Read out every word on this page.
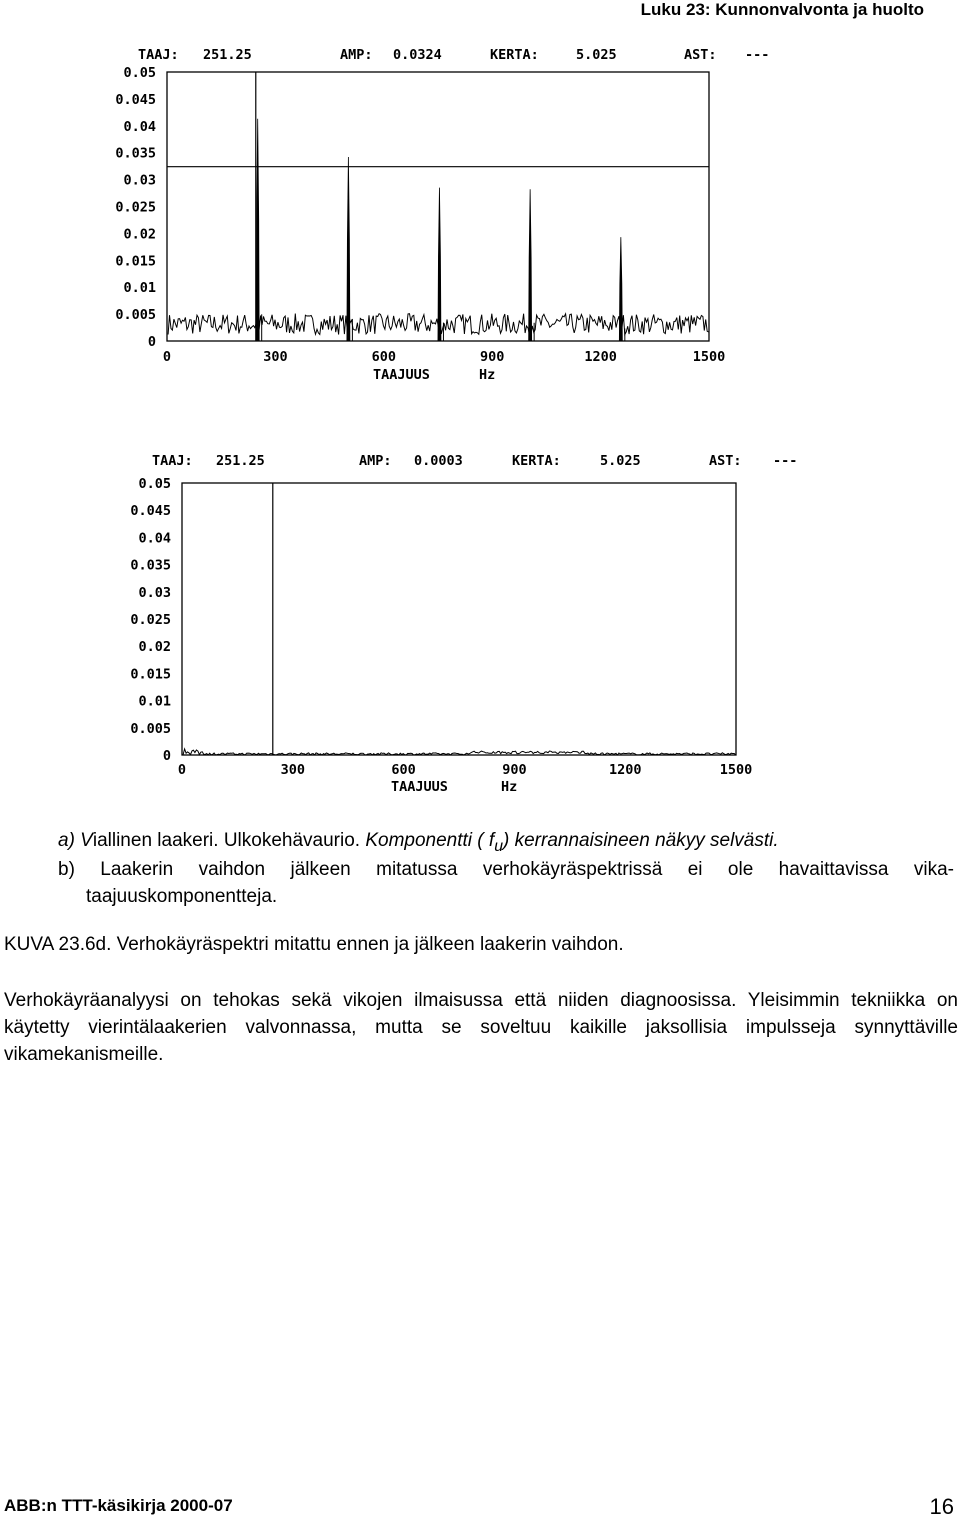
Luku 23: Kunnonvalvonta ja huolto
TAAJ: 251.25	AMP: 0.0324	KERTA:	5.025	AST: ---
0.05
0.045
0.04
0.035
0.03
0.025
0.02
0.015
0.01
0.005
0
0	300	600	900	1200	1500
TAAJUUS	Hz
TAAJ: 251.25	AMP: 0.0003	KERTA:	5.025	AST: ---
0.05
0.045
0.04
0.035
0.03
0.025
0.02
0.015
0.01
0.005
0
0	300	600	900	1200	1500
TAAJUUS	Hz
a) Viallinen laakeri. Ulkokehävaurio. Komponentti ( $f_u$) kerrannaisineen näkyy selvästi.
b) Laakerin vaihdon jälkeen mitatussa verhokäyräspektrissä ei ole havaittavissa vika-
taajuuskomponentteja.
KUVA 23.6d. Verhokäyräspektri mitattu ennen ja jälkeen laakerin vaihdon.
Verhokäyräanalyysi on tehokas sekä vikojen ilmaisussa että niiden diagnoosissa. Yleisimmin tekniikka on käytetty vierintälaakerien valvonnassa, mutta se soveltuu kaikille jaksollisia impulsseja synnyttäville vikamekanismeille.
ABB:n TTT-käsikirja 2000-07	16
